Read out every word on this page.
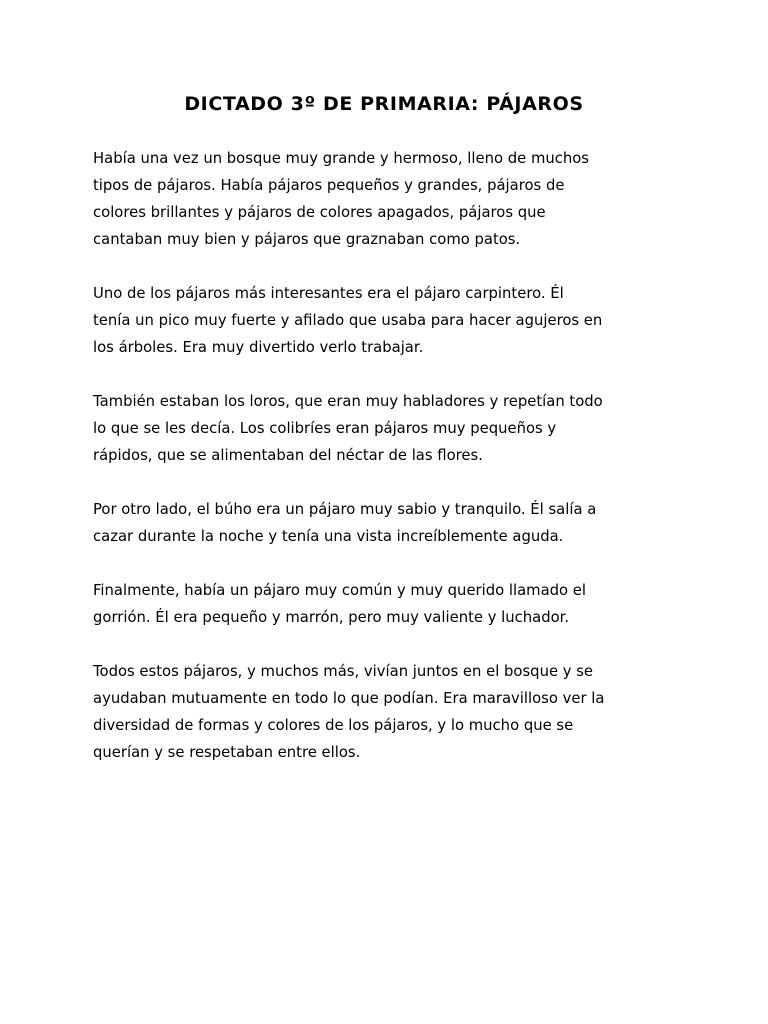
DICTADO 3º DE PRIMARIA: PÁJAROS

Había una vez un bosque muy grande y hermoso, lleno de muchos
tipos de pájaros. Había pájaros pequeños y grandes, pájaros de
colores brillantes y pájaros de colores apagados, pájaros que
cantaban muy bien y pájaros que graznaban como patos.

Uno de los pájaros más interesantes era el pájaro carpintero. Él
tenía un pico muy fuerte y afilado que usaba para hacer agujeros en
los árboles. Era muy divertido verlo trabajar.

También estaban los loros, que eran muy habladores y repetían todo
lo que se les decía. Los colibríes eran pájaros muy pequeños y
rápidos, que se alimentaban del néctar de las flores.

Por otro lado, el búho era un pájaro muy sabio y tranquilo. Él salía a
cazar durante la noche y tenía una vista increíblemente aguda.

Finalmente, había un pájaro muy común y muy querido llamado el
gorrión. Él era pequeño y marrón, pero muy valiente y luchador.

Todos estos pájaros, y muchos más, vivían juntos en el bosque y se
ayudaban mutuamente en todo lo que podían. Era maravilloso ver la
diversidad de formas y colores de los pájaros, y lo mucho que se
querían y se respetaban entre ellos.
